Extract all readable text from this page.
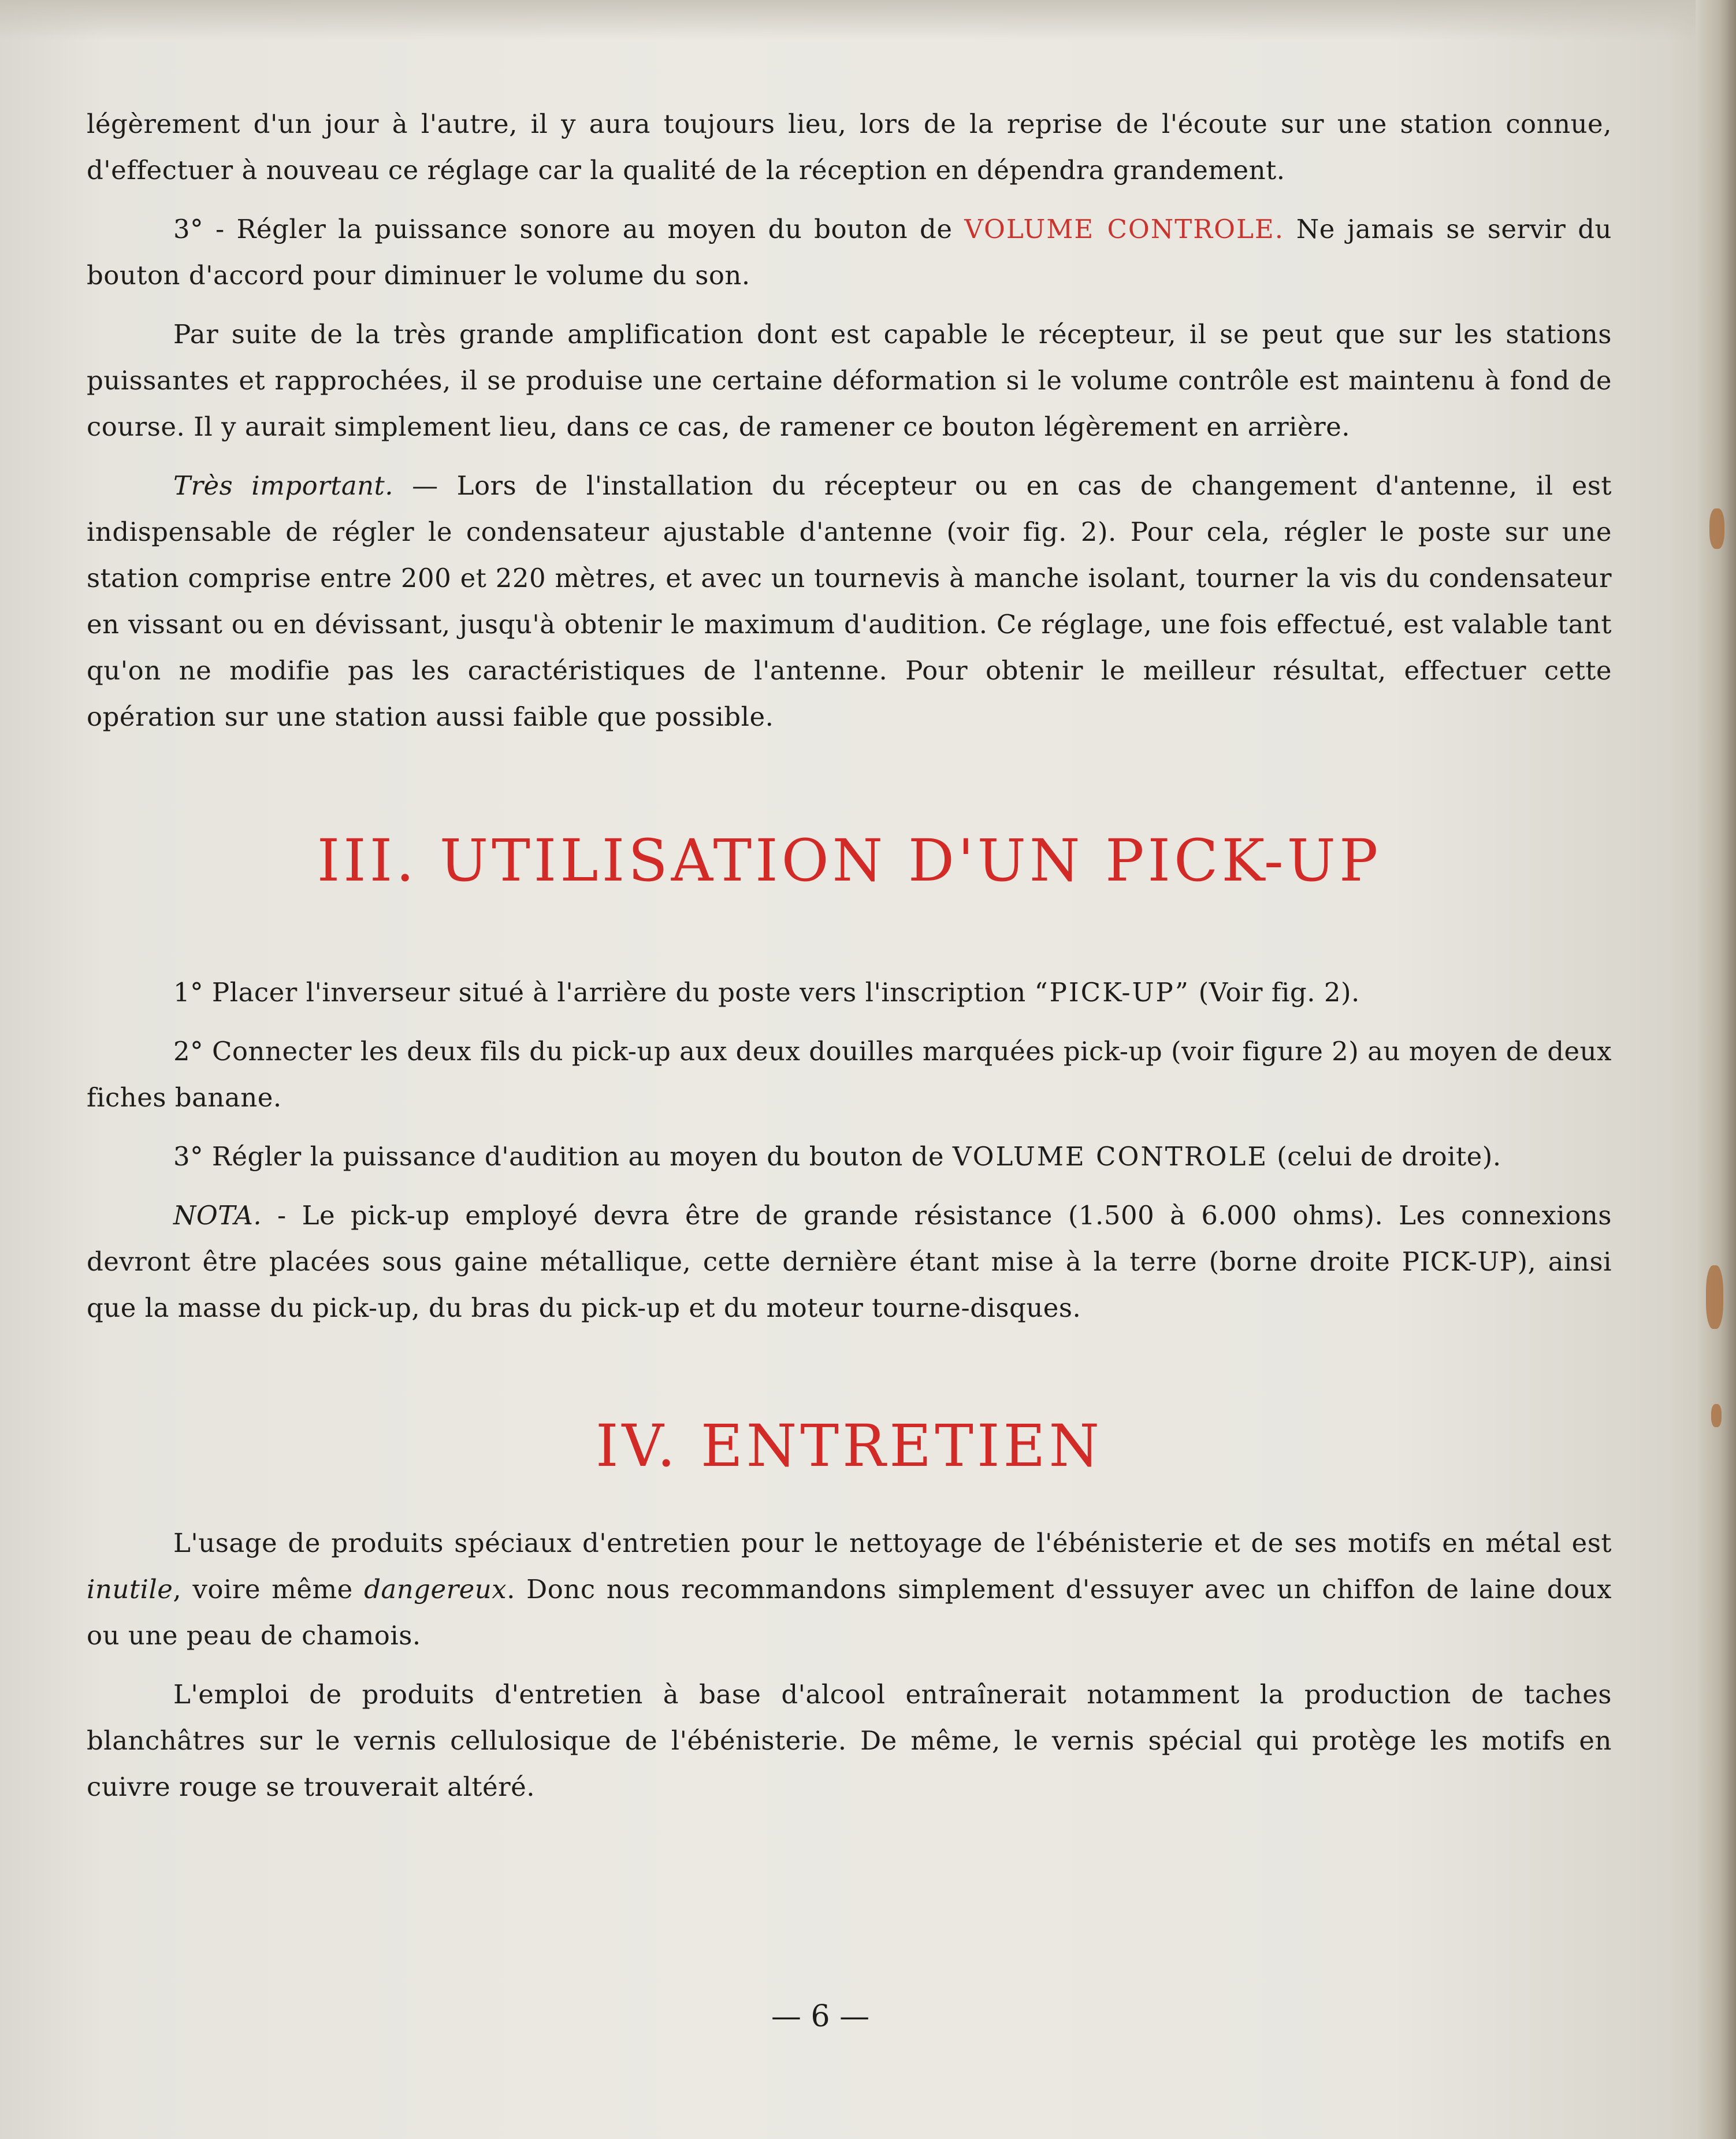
légèrement d'un jour à l'autre, il y aura toujours lieu, lors de la reprise de l'écoute sur une station connue, d'effectuer à nouveau ce réglage car la qualité de la réception en dépendra grandement.

3° - Régler la puissance sonore au moyen du bouton de VOLUME CONTROLE. Ne jamais se servir du bouton d'accord pour diminuer le volume du son.

Par suite de la très grande amplification dont est capable le récepteur, il se peut que sur les stations puissantes et rapprochées, il se produise une certaine déformation si le volume contrôle est maintenu à fond de course. Il y aurait simplement lieu, dans ce cas, de ramener ce bouton légèrement en arrière.

Très important. — Lors de l'installation du récepteur ou en cas de changement d'antenne, il est indispensable de régler le condensateur ajustable d'antenne (voir fig. 2). Pour cela, régler le poste sur une station comprise entre 200 et 220 mètres, et avec un tournevis à manche isolant, tourner la vis du condensateur en vissant ou en dévissant, jusqu'à obtenir le maximum d'audition. Ce réglage, une fois effectué, est valable tant qu'on ne modifie pas les caractéristiques de l'antenne. Pour obtenir le meilleur résultat, effectuer cette opération sur une station aussi faible que possible.

III. UTILISATION D'UN PICK-UP

1° Placer l'inverseur situé à l'arrière du poste vers l'inscription “PICK-UP” (Voir fig. 2).

2° Connecter les deux fils du pick-up aux deux douilles marquées pick-up (voir figure 2) au moyen de deux fiches banane.

3° Régler la puissance d'audition au moyen du bouton de VOLUME CONTROLE (celui de droite).

NOTA. - Le pick-up employé devra être de grande résistance (1.500 à 6.000 ohms). Les connexions devront être placées sous gaine métallique, cette dernière étant mise à la terre (borne droite PICK-UP), ainsi que la masse du pick-up, du bras du pick-up et du moteur tourne-disques.

IV. ENTRETIEN

L'usage de produits spéciaux d'entretien pour le nettoyage de l'ébénisterie et de ses motifs en métal est inutile, voire même dangereux. Donc nous recommandons simplement d'essuyer avec un chiffon de laine doux ou une peau de chamois.

L'emploi de produits d'entretien à base d'alcool entraînerait notamment la production de taches blanchâtres sur le vernis cellulosique de l'ébénisterie. De même, le vernis spécial qui protège les motifs en cuivre rouge se trouverait altéré.

— 6 —
